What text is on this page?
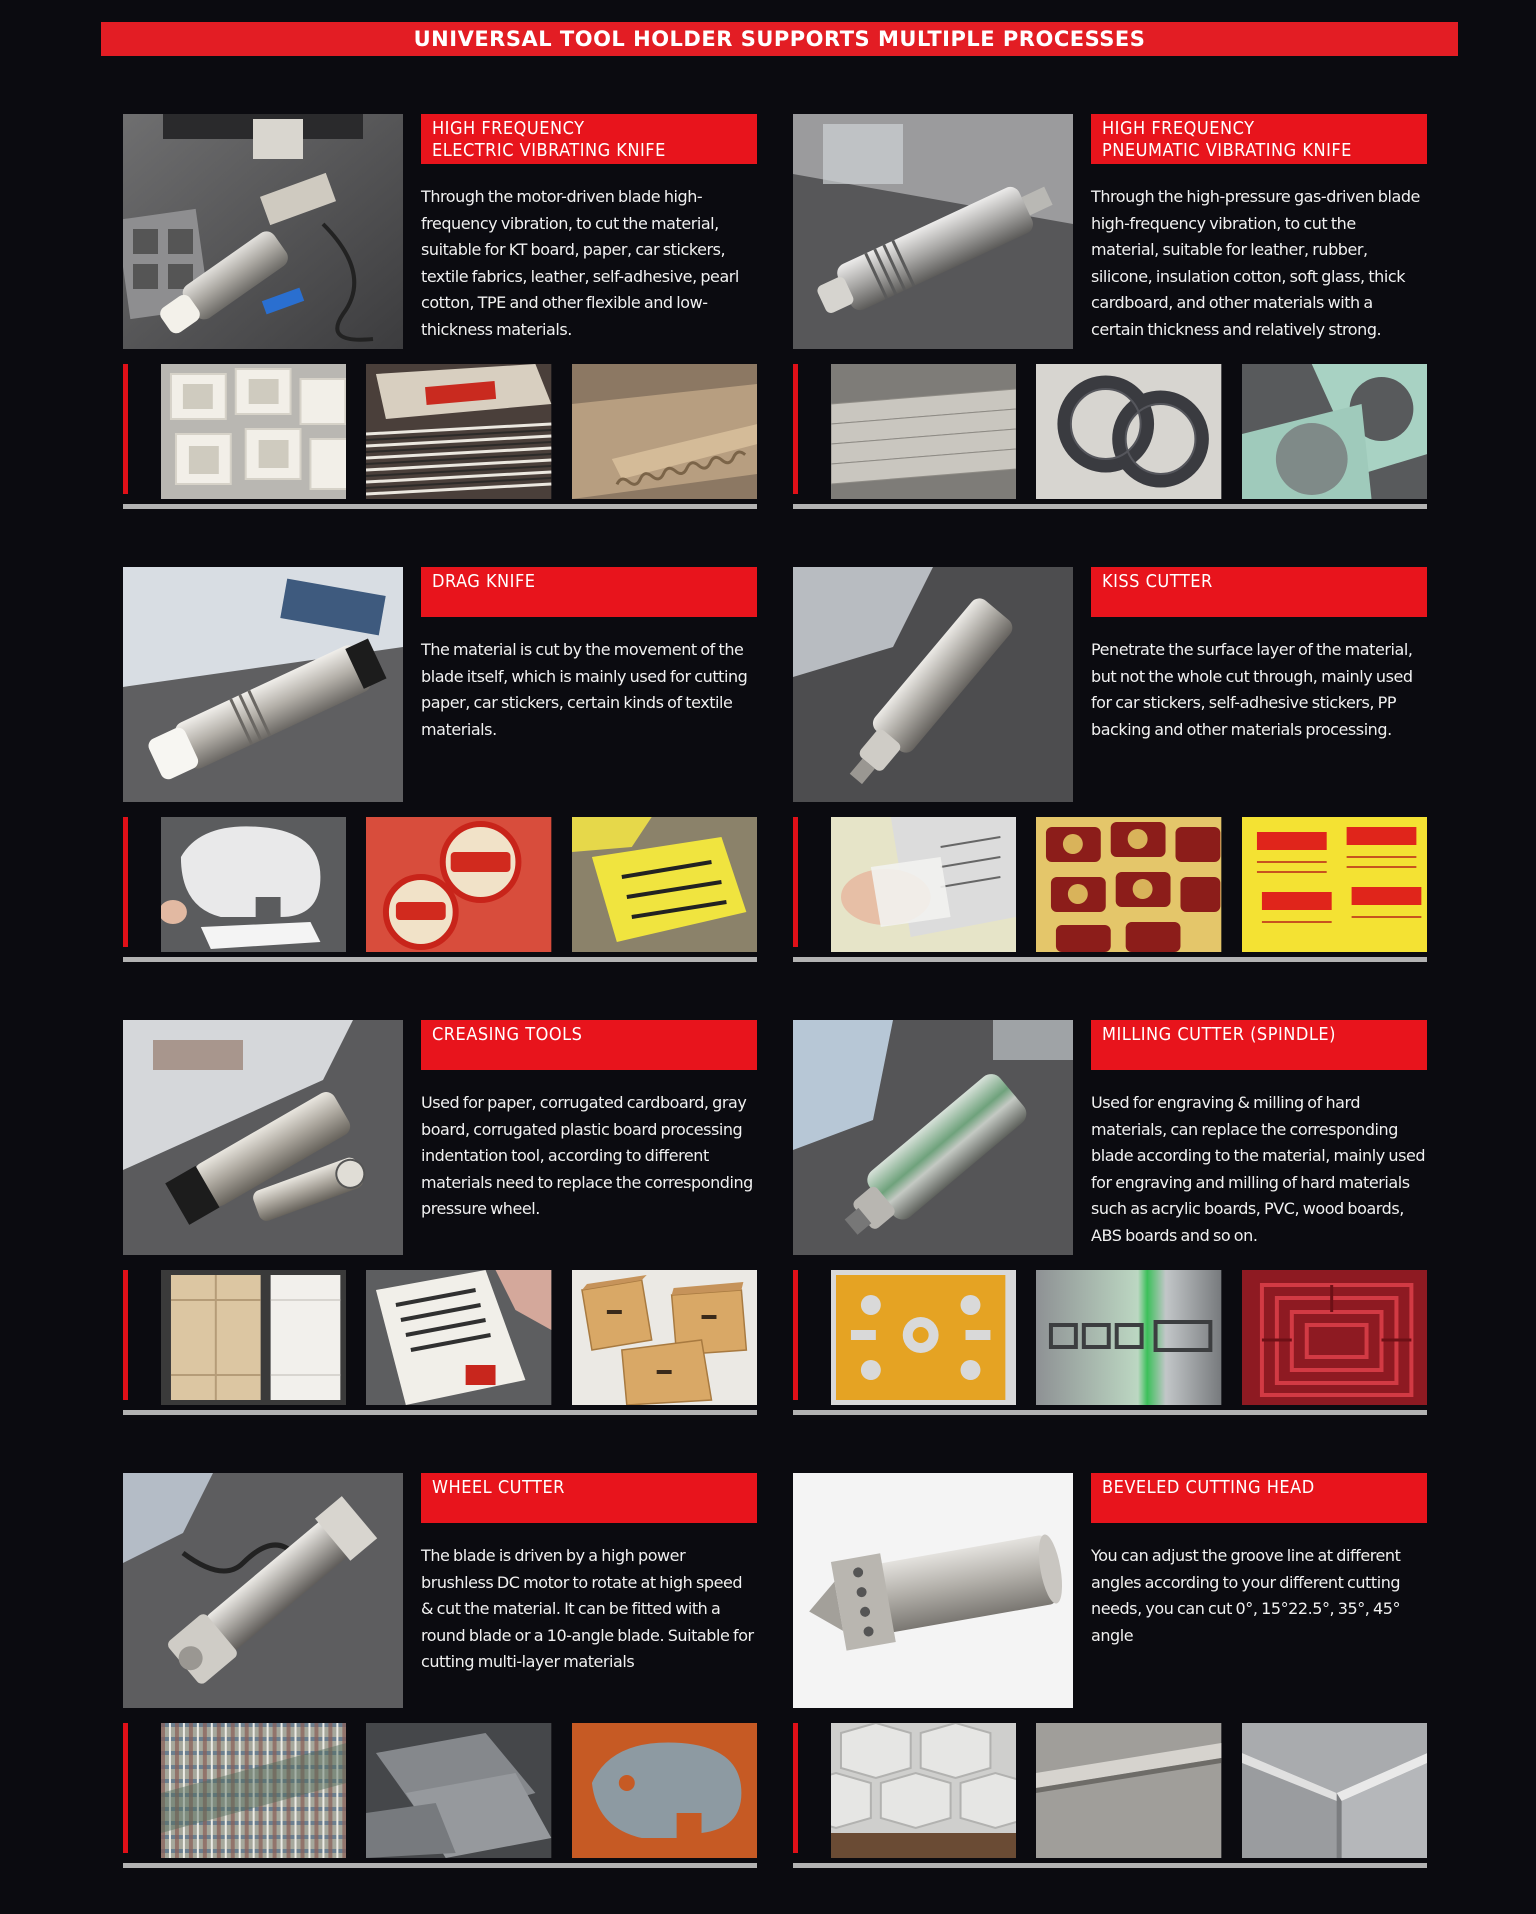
UNIVERSAL TOOL HOLDER SUPPORTS MULTIPLE PROCESSES
HIGH FREQUENCY
ELECTRIC VIBRATING KNIFE
Through the motor-driven blade high-frequency vibration, to cut the material, suitable for KT board, paper, car stickers, textile fabrics, leather, self-adhesive, pearl cotton, TPE and other flexible and low-thickness materials.
HIGH FREQUENCY
PNEUMATIC VIBRATING KNIFE
Through the high-pressure gas-driven blade high-frequency vibration, to cut the material, suitable for leather, rubber, silicone, insulation cotton, soft glass, thick cardboard, and other materials with a certain thickness and relatively strong.
DRAG KNIFE
The material is cut by the movement of the blade itself, which is mainly used for cutting paper, car stickers, certain kinds of textile materials.
KISS CUTTER
Penetrate the surface layer of the material, but not the whole cut through, mainly used for car stickers, self-adhesive stickers, PP backing and other materials processing.
CREASING TOOLS
Used for paper, corrugated cardboard, gray board, corrugated plastic board processing indentation tool, according to different materials need to replace the corresponding pressure wheel.
MILLING CUTTER (SPINDLE)
Used for engraving & milling of hard materials, can replace the corresponding blade according to the material, mainly used for engraving and milling of hard materials such as acrylic boards, PVC, wood boards, ABS boards and so on.
WHEEL CUTTER
The blade is driven by a high power brushless DC motor to rotate at high speed & cut the material. It can be fitted with a round blade or a 10-angle blade. Suitable for cutting multi-layer materials
BEVELED CUTTING HEAD
You can adjust the groove line at different angles according to your different cutting needs, you can cut 0°, 15°22.5°, 35°, 45° angle
